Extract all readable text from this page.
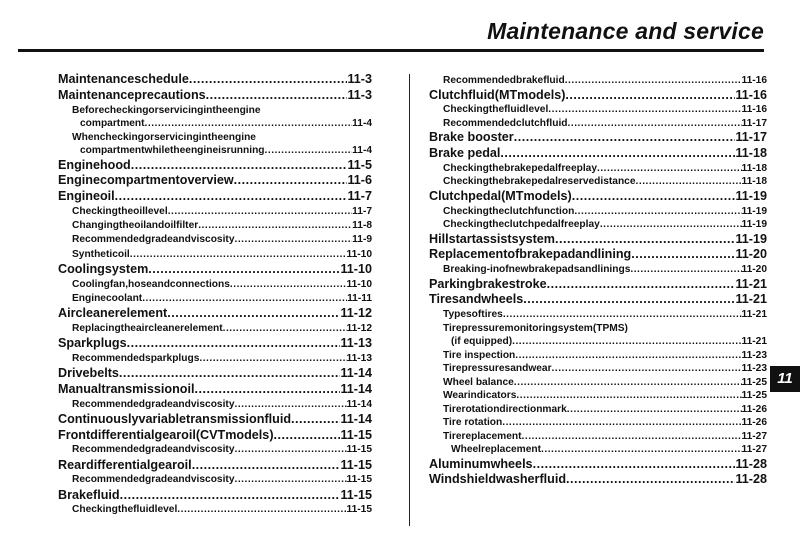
Maintenance and service
Maintenanceschedule .....	11-3
Maintenanceprecautions .....	11-3
Beforecheckingorservicingintheengine
compartment .....	11-4
Whencheckingorservicingintheengine
compartmentwhiletheengineisrunning .....	11-4
Enginehood .....	11-5
Enginecompartmentoverview .....	11-6
Engineoil .....	11-7
Checkingtheoillevel .....	11-7
Changingtheoilandoilfilter .....	11-8
Recommendedgradeandviscosity .....	11-9
Syntheticoil .....	11-10
Coolingsystem .....	11-10
Coolingfan,hoseandconnections .....	11-10
Enginecoolant .....	11-11
Aircleanerelement .....	11-12
Replacingtheaircleanerelement .....	11-12
Sparkplugs .....	11-13
Recommendedsparkplugs .....	11-13
Drivebelts .....	11-14
Manualtransmissionoil .....	11-14
Recommendedgradeandviscosity .....	11-14
Continuouslyvariabletransmissionfluid .....	11-14
Frontdifferentialgearoil(CVTmodels) .....	11-15
Recommendedgradeandviscosity .....	11-15
Reardifferentialgearoil .....	11-15
Recommendedgradeandviscosity .....	11-15
Brakefluid .....	11-15
Checkingthefluidlevel .....	11-15
Recommendedbrakefluid .....	11-16
Clutchfluid(MTmodels) .....	11-16
Checkingthefluidlevel .....	11-16
Recommendedclutchfluid .....	11-17
Brake booster .....	11-17
Brake pedal .....	11-18
Checkingthebrakepedalfreeplay .....	11-18
Checkingthebrakepedalreservedistance .....	11-18
Clutchpedal(MTmodels) .....	11-19
Checkingtheclutchfunction .....	11-19
Checkingtheclutchpedalfreeplay .....	11-19
Hillstartassistsystem .....	11-19
Replacementofbrakepadandlining .....	11-20
Breaking-inofnewbrakepadsandlinings .....	11-20
Parkingbrakestroke .....	11-21
Tiresandwheels .....	11-21
Typesoftires .....	11-21
Tirepressuremonitoringsystem(TPMS)
(if equipped) .....	11-21
Tire inspection .....	11-23
Tirepressuresandwear .....	11-23
Wheel balance .....	11-25
Wearindicators .....	11-25
Tirerotationdirectionmark .....	11-26
Tire rotation .....	11-26
Tirereplacement .....	11-27
Wheelreplacement .....	11-27
Aluminumwheels .....	11-28
Windshieldwasherfluid .....	11-28
11
